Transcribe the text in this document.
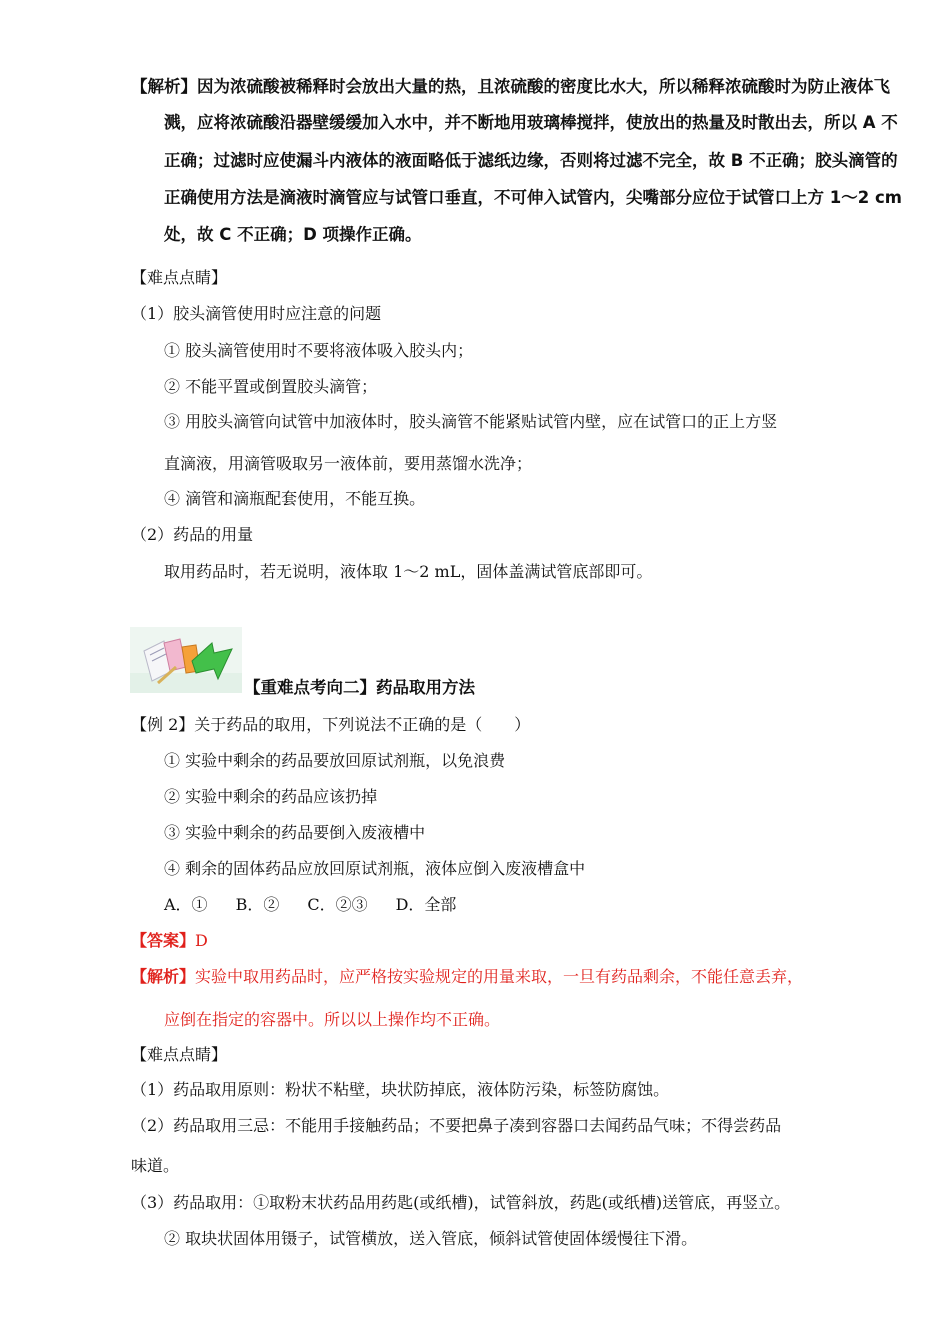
【解析】因为浓硫酸被稀释时会放出大量的热，且浓硫酸的密度比水大，所以稀释浓硫酸时为防止液体飞
溅，应将浓硫酸沿器壁缓缓加入水中，并不断地用玻璃棒搅拌，使放出的热量及时散出去，所以 A 不
正确；过滤时应使漏斗内液体的液面略低于滤纸边缘，否则将过滤不完全，故 B 不正确；胶头滴管的
正确使用方法是滴液时滴管应与试管口垂直，不可伸入试管内，尖嘴部分应位于试管口上方 1～2 cm
处，故 C 不正确；D 项操作正确。
【难点点睛】
（1）胶头滴管使用时应注意的问题
① 胶头滴管使用时不要将液体吸入胶头内；
② 不能平置或倒置胶头滴管；
③ 用胶头滴管向试管中加液体时，胶头滴管不能紧贴试管内壁，应在试管口的正上方竖
直滴液，用滴管吸取另一液体前，要用蒸馏水洗净；
④ 滴管和滴瓶配套使用，不能互换。
（2）药品的用量
取用药品时，若无说明，液体取 1～2 mL，固体盖满试管底部即可。
【重难点考向二】药品取用方法
【例 2】关于药品的取用，下列说法不正确的是（　　）
① 实验中剩余的药品要放回原试剂瓶，以免浪费
② 实验中剩余的药品应该扔掉
③ 实验中剩余的药品要倒入废液槽中
④ 剩余的固体药品应放回原试剂瓶，液体应倒入废液槽盒中
A．① B．② C．②③ D．全部
【答案】D
【解析】实验中取用药品时，应严格按实验规定的用量来取，一旦有药品剩余，不能任意丢弃，
应倒在指定的容器中。所以以上操作均不正确。
【难点点睛】
（1）药品取用原则：粉状不粘壁，块状防掉底，液体防污染，标签防腐蚀。
（2）药品取用三忌：不能用手接触药品；不要把鼻子凑到容器口去闻药品气味；不得尝药品
味道。
（3）药品取用：①取粉末状药品用药匙(或纸槽)，试管斜放，药匙(或纸槽)送管底，再竖立。
② 取块状固体用镊子，试管横放，送入管底，倾斜试管使固体缓慢往下滑。
